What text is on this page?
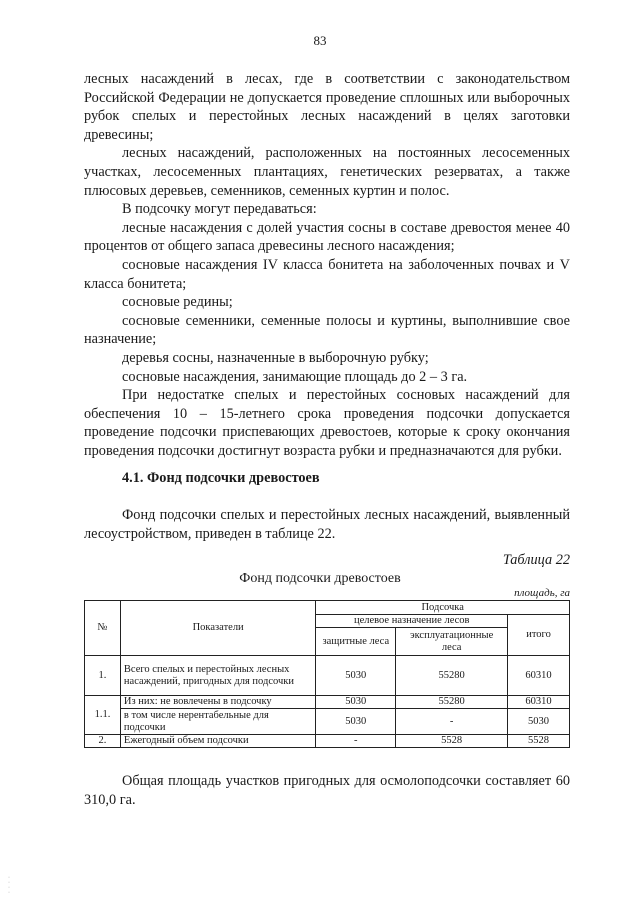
83

лесных насаждений в лесах, где в соответствии с законодательством Российской Федерации не допускается проведение сплошных или выборочных рубок спелых и перестойных лесных насаждений в целях заготовки древесины;

лесных насаждений, расположенных на постоянных лесосеменных участках, лесосеменных плантациях, генетических резерватах, а также плюсовых деревьев, семенников, семенных куртин и полос.

В подсочку могут передаваться:

лесные насаждения с долей участия сосны в составе древостоя менее 40 процентов от общего запаса древесины лесного насаждения;

сосновые насаждения IV класса бонитета на заболоченных почвах и V класса бонитета;

сосновые редины;

сосновые семенники, семенные полосы и куртины, выполнившие свое назначение;

деревья сосны, назначенные в выборочную рубку;

сосновые насаждения, занимающие площадь до 2 – 3 га.

При недостатке спелых и перестойных сосновых насаждений для обеспечения 10 – 15-летнего срока проведения подсочки допускается проведение подсочки приспевающих древостоев, которые к сроку окончания проведения подсочки достигнут возраста рубки и предназначаются для рубки.

4.1. Фонд подсочки древостоев
Фонд подсочки спелых и перестойных лесных насаждений, выявленный лесоустройством, приведен в таблице 22.
Таблица 22
Фонд подсочки древостоев
площадь, га
№	Показатели	Подсочка		
		целевое назначение лесов		итого
		защитные леса	эксплуатационные леса	
1.	Всего спелых и перестойных лесных насаждений, пригодных для подсочки	5030	55280	60310
1.1.	Из них: не вовлечены в подсочку	5030	55280	60310
	в том числе нерентабельные для подсочки	5030	-	5030
2.	Ежегодный объем подсочки	-	5528	5528
Общая площадь участков пригодных для осмолоподсочки составляет 60 310,0 га.
·
·
·
·
